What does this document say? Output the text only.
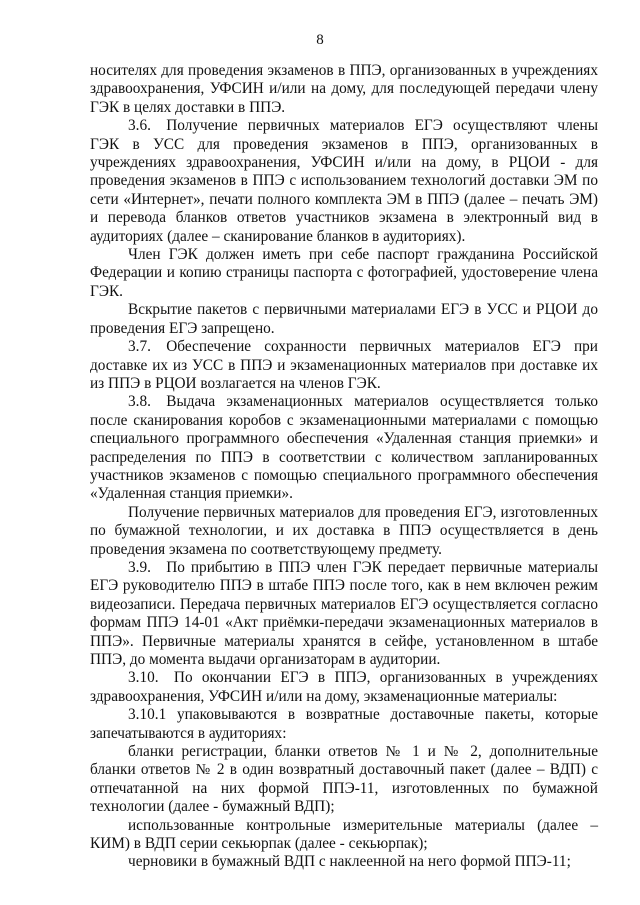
8

носителях для проведения экзаменов в ППЭ, организованных в учреждениях здравоохранения, УФСИН и/или на дому, для последующей передачи члену ГЭК в целях доставки в ППЭ.

3.6. Получение первичных материалов ЕГЭ осуществляют члены ГЭК в УСС для проведения экзаменов в ППЭ, организованных в учреждениях здравоохранения, УФСИН и/или на дому, в РЦОИ - для проведения экзаменов в ППЭ с использованием технологий доставки ЭМ по сети «Интернет», печати полного комплекта ЭМ в ППЭ (далее – печать ЭМ) и перевода бланков ответов участников экзамена в электронный вид в аудиториях (далее – сканирование бланков в аудиториях).

Член ГЭК должен иметь при себе паспорт гражданина Российской Федерации и копию страницы паспорта с фотографией, удостоверение члена ГЭК.

Вскрытие пакетов с первичными материалами ЕГЭ в УСС и РЦОИ до проведения ЕГЭ запрещено.

3.7. Обеспечение сохранности первичных материалов ЕГЭ при доставке их из УСС в ППЭ и экзаменационных материалов при доставке их из ППЭ в РЦОИ возлагается на членов ГЭК.

3.8. Выдача экзаменационных материалов осуществляется только после сканирования коробов с экзаменационными материалами с помощью специального программного обеспечения «Удаленная станция приемки» и распределения по ППЭ в соответствии с количеством запланированных участников экзаменов с помощью специального программного обеспечения «Удаленная станция приемки».

Получение первичных материалов для проведения ЕГЭ, изготовленных по бумажной технологии, и их доставка в ППЭ осуществляется в день проведения экзамена по соответствующему предмету.

3.9. По прибытию в ППЭ член ГЭК передает первичные материалы ЕГЭ руководителю ППЭ в штабе ППЭ после того, как в нем включен режим видеозаписи. Передача первичных материалов ЕГЭ осуществляется согласно формам ППЭ 14-01 «Акт приёмки-передачи экзаменационных материалов в ППЭ». Первичные материалы хранятся в сейфе, установленном в штабе ППЭ, до момента выдачи организаторам в аудитории.

3.10. По окончании ЕГЭ в ППЭ, организованных в учреждениях здравоохранения, УФСИН и/или на дому, экзаменационные материалы:

3.10.1 упаковываются в возвратные доставочные пакеты, которые запечатываются в аудиториях:

бланки регистрации, бланки ответов № 1 и № 2, дополнительные бланки ответов № 2 в один возвратный доставочный пакет (далее – ВДП) с отпечатанной на них формой ППЭ-11, изготовленных по бумажной технологии (далее - бумажный ВДП);

использованные контрольные измерительные материалы (далее – КИМ) в ВДП серии секьюрпак (далее - секьюрпак);

черновики в бумажный ВДП с наклеенной на него формой ППЭ-11;
